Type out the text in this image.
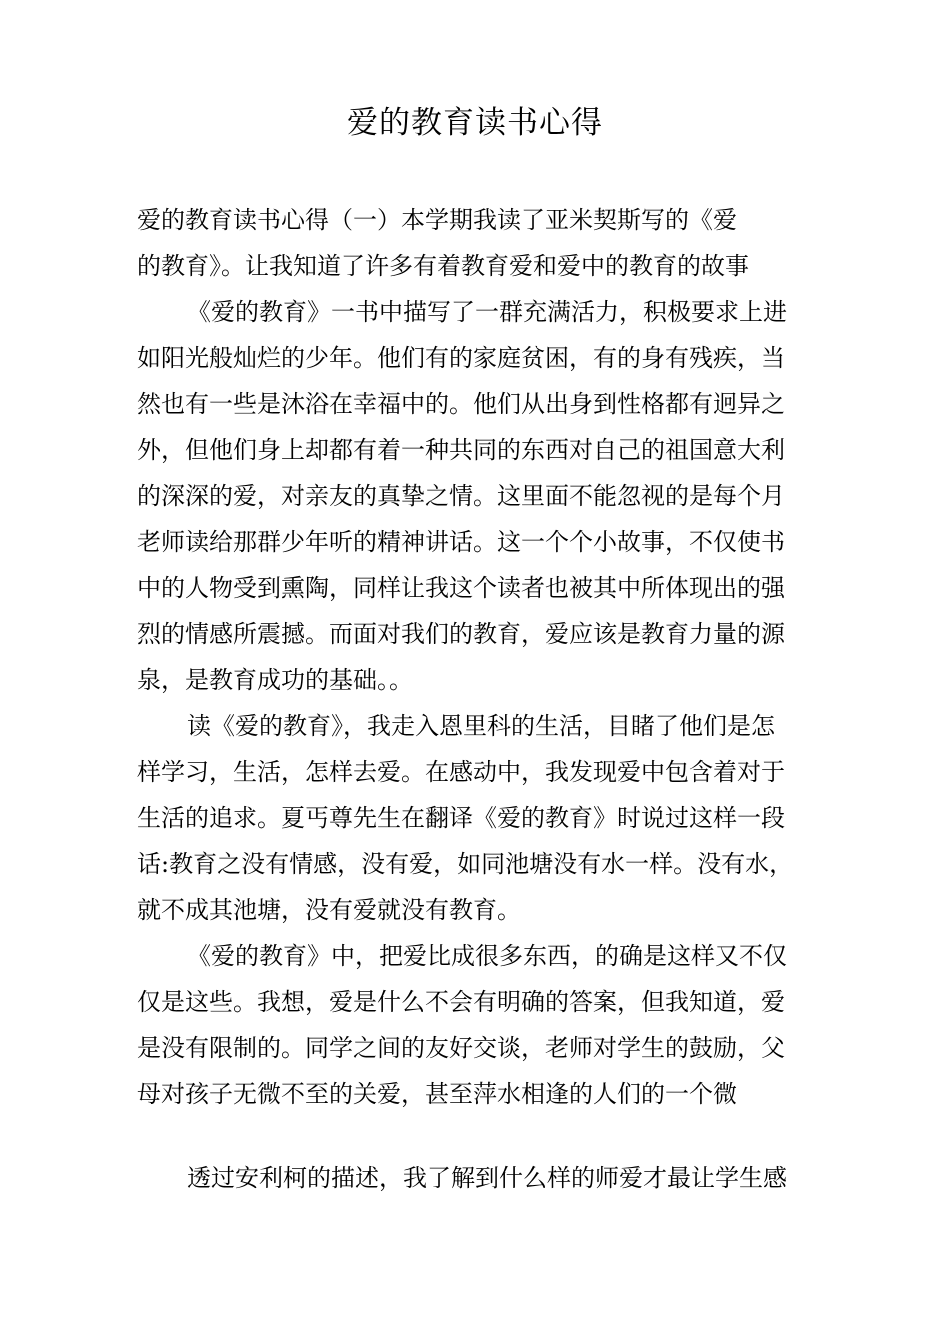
爱的教育读书心得
爱的教育读书心得（一）本学期我读了亚米契斯写的《爱
的教育》。让我知道了许多有着教育爱和爱中的教育的故事
《爱的教育》一书中描写了一群充满活力，积极要求上进
如阳光般灿烂的少年。他们有的家庭贫困，有的身有残疾，当
然也有一些是沐浴在幸福中的。他们从出身到性格都有迥异之
外，但他们身上却都有着一种共同的东西对自己的祖国意大利
的深深的爱，对亲友的真挚之情。这里面不能忽视的是每个月
老师读给那群少年听的精神讲话。这一个个小故事，不仅使书
中的人物受到熏陶，同样让我这个读者也被其中所体现出的强
烈的情感所震撼。而面对我们的教育，爱应该是教育力量的源
泉，是教育成功的基础。。
读《爱的教育》，我走入恩里科的生活，目睹了他们是怎
样学习，生活，怎样去爱。在感动中，我发现爱中包含着对于
生活的追求。夏丐尊先生在翻译《爱的教育》时说过这样一段
话:教育之没有情感，没有爱，如同池塘没有水一样。没有水，
就不成其池塘，没有爱就没有教育。
《爱的教育》中，把爱比成很多东西，的确是这样又不仅
仅是这些。我想，爱是什么不会有明确的答案，但我知道，爱
是没有限制的。同学之间的友好交谈，老师对学生的鼓励，父
母对孩子无微不至的关爱，甚至萍水相逢的人们的一个微
透过安利柯的描述，我了解到什么样的师爱才最让学生感
